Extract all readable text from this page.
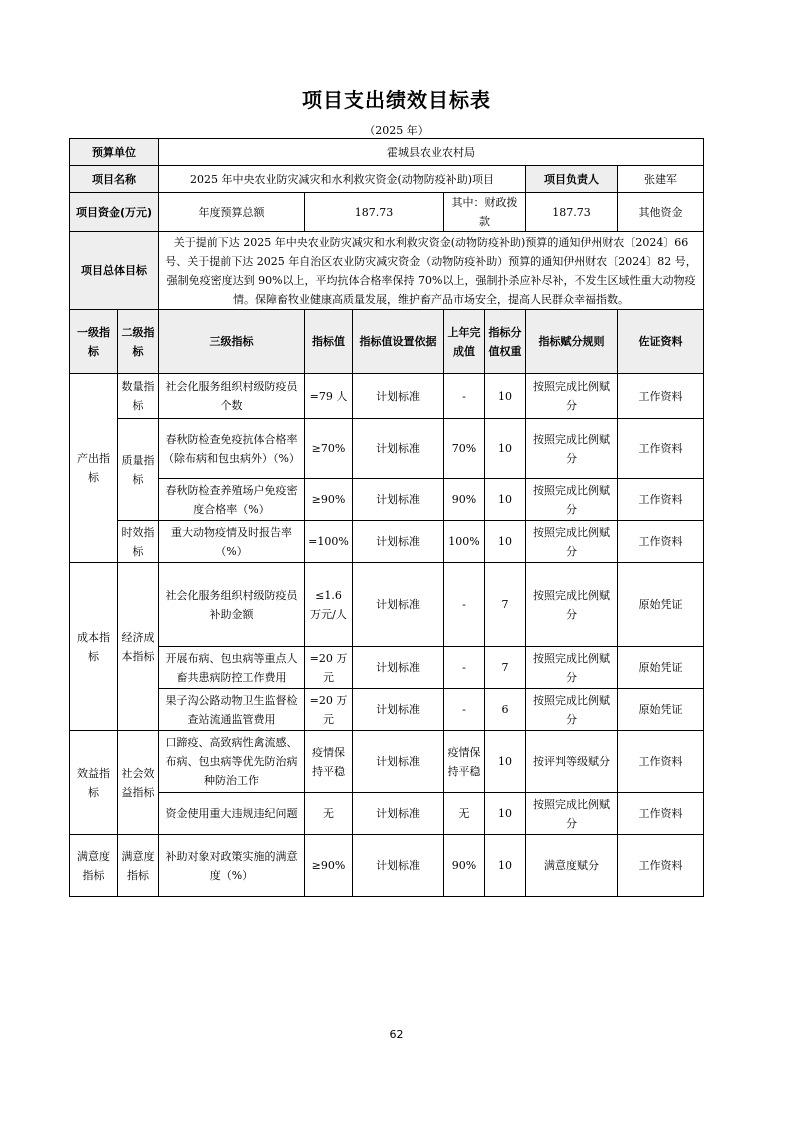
项目支出绩效目标表
（2025 年）
预算单位		霍城县农业农村局						
项目名称		2025 年中央农业防灾减灾和水利救灾资金(动物防疫补助)项目					项目负责人	张建军
项目资金(万元)		年度预算总额	187.73		其中：财政拨款		187.73	其他资金
项目总体目标		关于提前下达 2025 年中央农业防灾减灾和水利救灾资金(动物防疫补助)预算的通知伊州财农〔2024〕66 号、关于提前下达 2025 年自治区农业防灾减灾资金（动物防疫补助）预算的通知伊州财农〔2024〕82 号，强制免疫密度达到 90%以上，平均抗体合格率保持 70%以上，强制扑杀应补尽补，不发生区域性重大动物疫情。保障畜牧业健康高质量发展，维护畜产品市场安全，提高人民群众幸福指数。						
一级指标	二级指标	三级指标	指标值	指标值设置依据	上年完成值	指标分值权重	指标赋分规则	佐证资料
产出指标	数量指标	社会化服务组织村级防疫员个数	=79 人	计划标准	-	10	按照完成比例赋分	工作资料
	质量指标	春秋防检查免疫抗体合格率（除布病和包虫病外）（%）	≥70%	计划标准	70%	10	按照完成比例赋分	工作资料
		春秋防检查养殖场户免疫密度合格率（%）	≥90%	计划标准	90%	10	按照完成比例赋分	工作资料
	时效指标	重大动物疫情及时报告率（%）	=100%	计划标准	100%	10	按照完成比例赋分	工作资料
成本指标	经济成本指标	社会化服务组织村级防疫员补助金额	≤1.6 万元/人	计划标准	-	7	按照完成比例赋分	原始凭证
		开展布病、包虫病等重点人畜共患病防控工作费用	=20 万元	计划标准	-	7	按照完成比例赋分	原始凭证
		果子沟公路动物卫生监督检查站流通监管费用	=20 万元	计划标准	-	6	按照完成比例赋分	原始凭证
效益指标	社会效益指标	口蹄疫、高致病性禽流感、布病、包虫病等优先防治病种防治工作	疫情保持平稳	计划标准	疫情保持平稳	10	按评判等级赋分	工作资料
		资金使用重大违规违纪问题	无	计划标准	无	10	按照完成比例赋分	工作资料
满意度指标	满意度指标	补助对象对政策实施的满意度（%）	≥90%	计划标准	90%	10	满意度赋分	工作资料
62
